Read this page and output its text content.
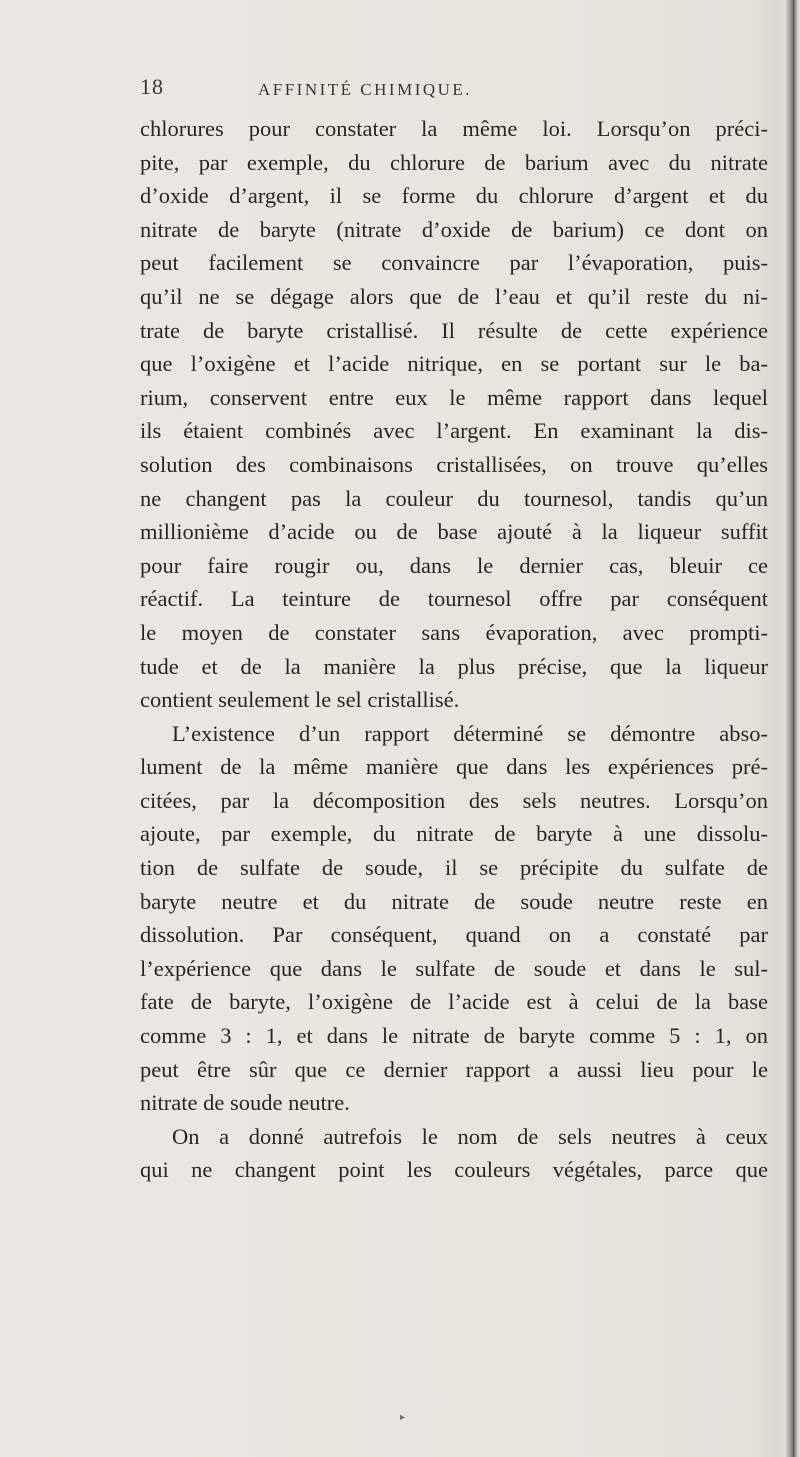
18	AFFINITÉ CHIMIQUE.
chlorures pour constater la même loi. Lorsqu’on préci-
pite, par exemple, du chlorure de barium avec du nitrate
d’oxide d’argent, il se forme du chlorure d’argent et du
nitrate de baryte (nitrate d’oxide de barium) ce dont on
peut facilement se convaincre par l’évaporation, puis-
qu’il ne se dégage alors que de l’eau et qu’il reste du ni-
trate de baryte cristallisé. Il résulte de cette expérience
que l’oxigène et l’acide nitrique, en se portant sur le ba-
rium, conservent entre eux le même rapport dans lequel
ils étaient combinés avec l’argent. En examinant la dis-
solution des combinaisons cristallisées, on trouve qu’elles
ne changent pas la couleur du tournesol, tandis qu’un
millionième d’acide ou de base ajouté à la liqueur suffit
pour faire rougir ou, dans le dernier cas, bleuir ce
réactif. La teinture de tournesol offre par conséquent
le moyen de constater sans évaporation, avec prompti-
tude et de la manière la plus précise, que la liqueur
contient seulement le sel cristallisé.
L’existence d’un rapport déterminé se démontre abso-
lument de la même manière que dans les expériences pré-
citées, par la décomposition des sels neutres. Lorsqu’on
ajoute, par exemple, du nitrate de baryte à une dissolu-
tion de sulfate de soude, il se précipite du sulfate de
baryte neutre et du nitrate de soude neutre reste en
dissolution. Par conséquent, quand on a constaté par
l’expérience que dans le sulfate de soude et dans le sul-
fate de baryte, l’oxigène de l’acide est à celui de la base
comme 3 : 1, et dans le nitrate de baryte comme 5 : 1, on
peut être sûr que ce dernier rapport a aussi lieu pour le
nitrate de soude neutre.
On a donné autrefois le nom de sels neutres à ceux
qui ne changent point les couleurs végétales, parce que
▸
